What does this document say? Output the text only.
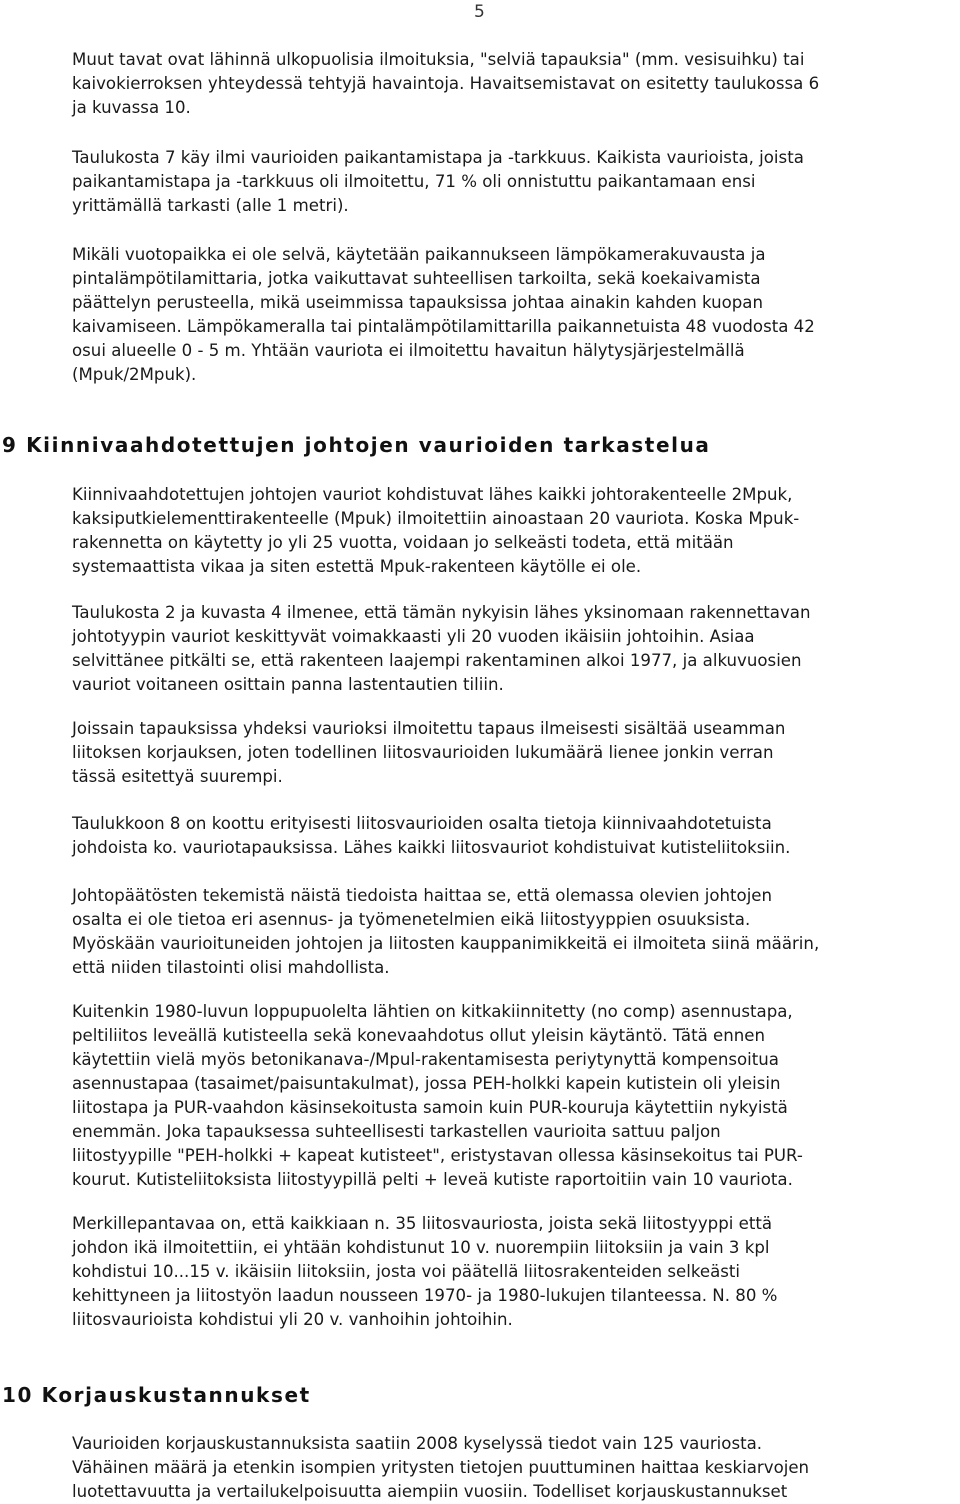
5

Muut tavat ovat lähinnä ulkopuolisia ilmoituksia, "selviä tapauksia" (mm. vesisuihku) tai
kaivokierroksen yhteydessä tehtyjä havaintoja. Havaitsemistavat on esitetty taulukossa 6
ja kuvassa 10.

Taulukosta 7 käy ilmi vaurioiden paikantamistapa ja -tarkkuus. Kaikista vaurioista, joista
paikantamistapa ja -tarkkuus oli ilmoitettu, 71 % oli onnistuttu paikantamaan ensi
yrittämällä tarkasti (alle 1 metri).

Mikäli vuotopaikka ei ole selvä, käytetään paikannukseen lämpökamerakuvausta ja
pintalämpötilamittaria, jotka vaikuttavat suhteellisen tarkoilta, sekä koekaivamista
päättelyn perusteella, mikä useimmissa tapauksissa johtaa ainakin kahden kuopan
kaivamiseen. Lämpökameralla tai pintalämpötilamittarilla paikannetuista 48 vuodosta 42
osui alueelle 0 - 5 m. Yhtään vauriota ei ilmoitettu havaitun hälytysjärjestelmällä
(Mpuk/2Mpuk).

9 Kiinnivaahdotettujen johtojen vaurioiden tarkastelua

Kiinnivaahdotettujen johtojen vauriot kohdistuvat lähes kaikki johtorakenteelle 2Mpuk,
kaksiputkielementtirakenteelle (Mpuk) ilmoitettiin ainoastaan 20 vauriota. Koska Mpuk-
rakennetta on käytetty jo yli 25 vuotta, voidaan jo selkeästi todeta, että mitään
systemaattista vikaa ja siten estettä Mpuk-rakenteen käytölle ei ole.

Taulukosta 2 ja kuvasta 4 ilmenee, että tämän nykyisin lähes yksinomaan rakennettavan
johtotyypin vauriot keskittyvät voimakkaasti yli 20 vuoden ikäisiin johtoihin. Asiaa
selvittänee pitkälti se, että rakenteen laajempi rakentaminen alkoi 1977, ja alkuvuosien
vauriot voitaneen osittain panna lastentautien tiliin.

Joissain tapauksissa yhdeksi vaurioksi ilmoitettu tapaus ilmeisesti sisältää useamman
liitoksen korjauksen, joten todellinen liitosvaurioiden lukumäärä lienee jonkin verran
tässä esitettyä suurempi.

Taulukkoon 8 on koottu erityisesti liitosvaurioiden osalta tietoja kiinnivaahdotetuista
johdoista ko. vauriotapauksissa. Lähes kaikki liitosvauriot kohdistuivat kutisteliitoksiin.

Johtopäätösten tekemistä näistä tiedoista haittaa se, että olemassa olevien johtojen
osalta ei ole tietoa eri asennus- ja työmenetelmien eikä liitostyyppien osuuksista.
Myöskään vaurioituneiden johtojen ja liitosten kauppanimikkeitä ei ilmoiteta siinä määrin,
että niiden tilastointi olisi mahdollista.

Kuitenkin 1980-luvun loppupuolelta lähtien on kitkakiinnitetty (no comp) asennustapa,
peltiliitos leveällä kutisteella sekä konevaahdotus ollut yleisin käytäntö. Tätä ennen
käytettiin vielä myös betonikanava-/Mpul-rakentamisesta periytynyttä kompensoitua
asennustapaa (tasaimet/paisuntakulmat), jossa PEH-holkki kapein kutistein oli yleisin
liitostapa ja PUR-vaahdon käsinsekoitusta samoin kuin PUR-kouruja käytettiin nykyistä
enemmän. Joka tapauksessa suhteellisesti tarkastellen vaurioita sattuu paljon
liitostyypille "PEH-holkki + kapeat kutisteet", eristystavan ollessa käsinsekoitus tai PUR-
kourut. Kutisteliitoksista liitostyypillä pelti + leveä kutiste raportoitiin vain 10 vauriota.

Merkillepantavaa on, että kaikkiaan n. 35 liitosvauriosta, joista sekä liitostyyppi että
johdon ikä ilmoitettiin, ei yhtään kohdistunut 10 v. nuorempiin liitoksiin ja vain 3 kpl
kohdistui 10...15 v. ikäisiin liitoksiin, josta voi päätellä liitosrakenteiden selkeästi
kehittyneen ja liitostyön laadun nousseen 1970- ja 1980-lukujen tilanteessa. N. 80 %
liitosvaurioista kohdistui yli 20 v. vanhoihin johtoihin.

10 Korjauskustannukset

Vaurioiden korjauskustannuksista saatiin 2008 kyselyssä tiedot vain 125 vauriosta.
Vähäinen määrä ja etenkin isompien yritysten tietojen puuttuminen haittaa keskiarvojen
luotettavuutta ja vertailukelpoisuutta aiempiin vuosiin. Todelliset korjauskustannukset
